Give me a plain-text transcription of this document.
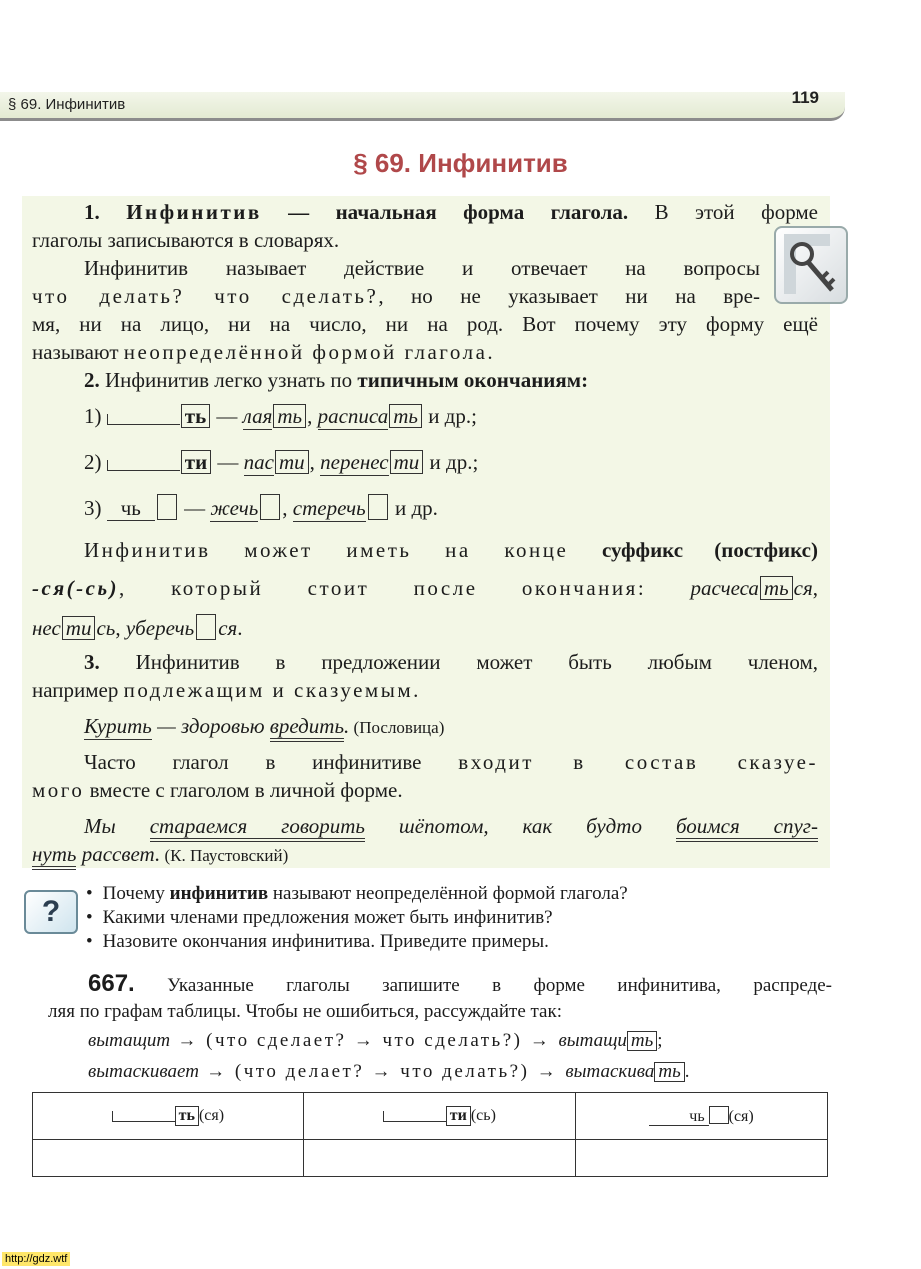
§ 69. Инфинитив	119
§ 69. Инфинитив

1. Инфинитив — начальная форма глагола. В этой форме

глаголы записываются в словарях.

Инфинитив называет действие и отвечает на вопросы

что делать? что сделать?, но не указывает ни на вре-

мя, ни на лицо, ни на число, ни на род. Вот почему эту форму ещё

называют неопределённой формой глагола.

2. Инфинитив легко узнать по типичным окончаниям:

1)	ть — лая ть , расписа ть и др.;

2)	ти — пас ти , перенес ти и др.;

3) чь — жечь , стеречь и др.

Инфинитив может иметь на конце суффикс (постфикс)

-ся(-сь), который стоит после окончания: расчеса ть ся,

нес ти сь, уберечь ся.

3. Инфинитив в предложении может быть любым членом,

например подлежащим и сказуемым.

Курить — здоровью вредить. (Пословица)

Часто глагол в инфинитиве входит в состав сказуе-

мого вместе с глаголом в личной форме.

Мы стараемся говорить шёпотом, как будто боимся спуг-

нуть рассвет. (К. Паустовский)

?
• Почему инфинитив называют неопределённой формой глагола?
• Какими членами предложения может быть инфинитив?
• Назовите окончания инфинитива. Приведите примеры.
667. Указанные глаголы запишите в форме инфинитива, распреде-
ляя по графам таблицы. Чтобы не ошибиться, рассуждайте так:
вытащит → (что сделает? → что сделать?) → вытащи ть ;
вытаскивает → (что делает? → что делать?) → вытаскива ть .
ть (ся)	ти (сь)	чь (ся)

http://gdz.wtf
